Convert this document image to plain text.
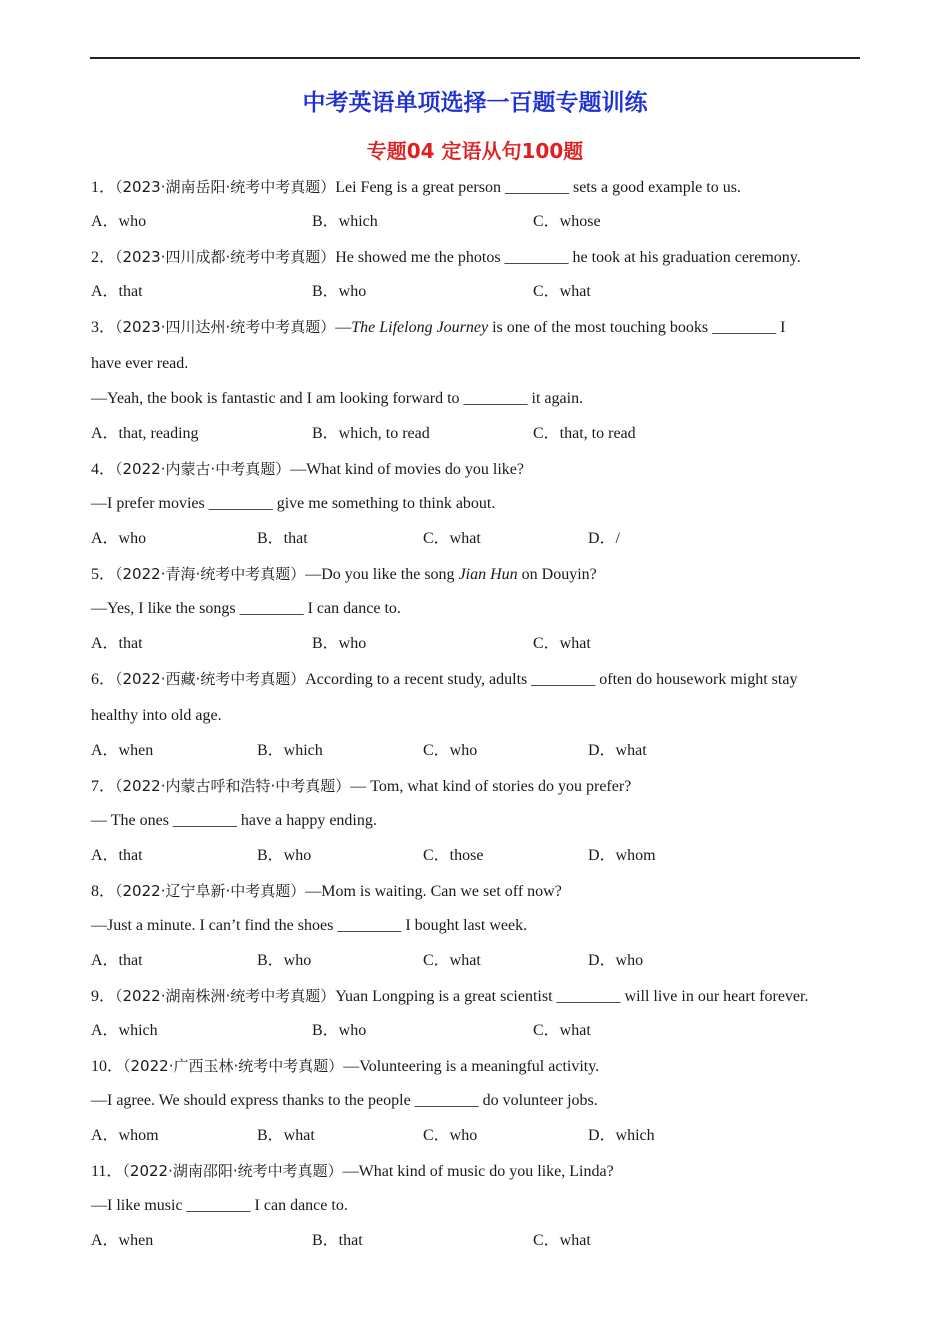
中考英语单项选择一百题专题训练
专题04 定语从句100题
1．（2023·湖南岳阳·统考中考真题）Lei Feng is a great person ________ sets a good example to us.
A．who	B．which	C．whose
2．（2023·四川成都·统考中考真题）He showed me the photos ________ he took at his graduation ceremony.
A．that	B．who	C．what
3．（2023·四川达州·统考中考真题）—The Lifelong Journey is one of the most touching books ________ I
have ever read.
—Yeah, the book is fantastic and I am looking forward to ________ it again.
A．that, reading	B．which, to read	C．that, to read
4．（2022·内蒙古·中考真题）—What kind of movies do you like?
—I prefer movies ________ give me something to think about.
A．who	B．that	C．what	D．/
5．（2022·青海·统考中考真题）—Do you like the song Jian Hun on Douyin?
—Yes, I like the songs ________ I can dance to.
A．that	B．who	C．what
6．（2022·西藏·统考中考真题）According to a recent study, adults ________ often do housework might stay
healthy into old age.
A．when	B．which	C．who	D．what
7．（2022·内蒙古呼和浩特·中考真题）— Tom, what kind of stories do you prefer?
— The ones ________ have a happy ending.
A．that	B．who	C．those	D．whom
8．（2022·辽宁阜新·中考真题）—Mom is waiting. Can we set off now?
—Just a minute. I can’t find the shoes ________ I bought last week.
A．that	B．who	C．what	D．who
9．（2022·湖南株洲·统考中考真题）Yuan Longping is a great scientist ________ will live in our heart forever.
A．which	B．who	C．what
10．（2022·广西玉林·统考中考真题）—Volunteering is a meaningful activity.
—I agree. We should express thanks to the people ________ do volunteer jobs.
A．whom	B．what	C．who	D．which
11．（2022·湖南邵阳·统考中考真题）—What kind of music do you like, Linda?
—I like music ________ I can dance to.
A．when	B．that	C．what
